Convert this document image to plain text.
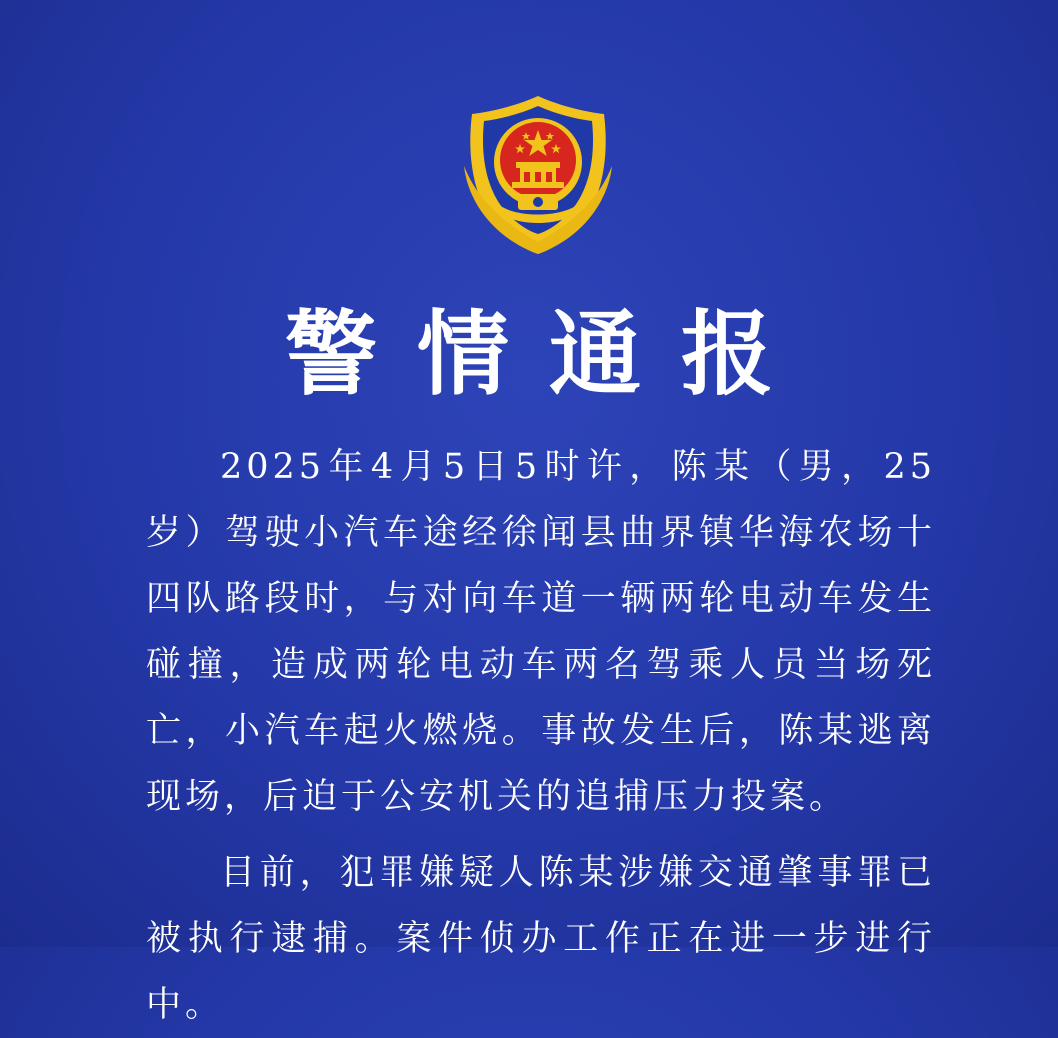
警情通报

2025年4月5日5时许，陈某（男，25岁）驾驶小汽车途经徐闻县曲界镇华海农场十四队路段时，与对向车道一辆两轮电动车发生碰撞，造成两轮电动车两名驾乘人员当场死亡，小汽车起火燃烧。事故发生后，陈某逃离现场，后迫于公安机关的追捕压力投案。

目前，犯罪嫌疑人陈某涉嫌交通肇事罪已被执行逮捕。案件侦办工作正在进一步进行中。
